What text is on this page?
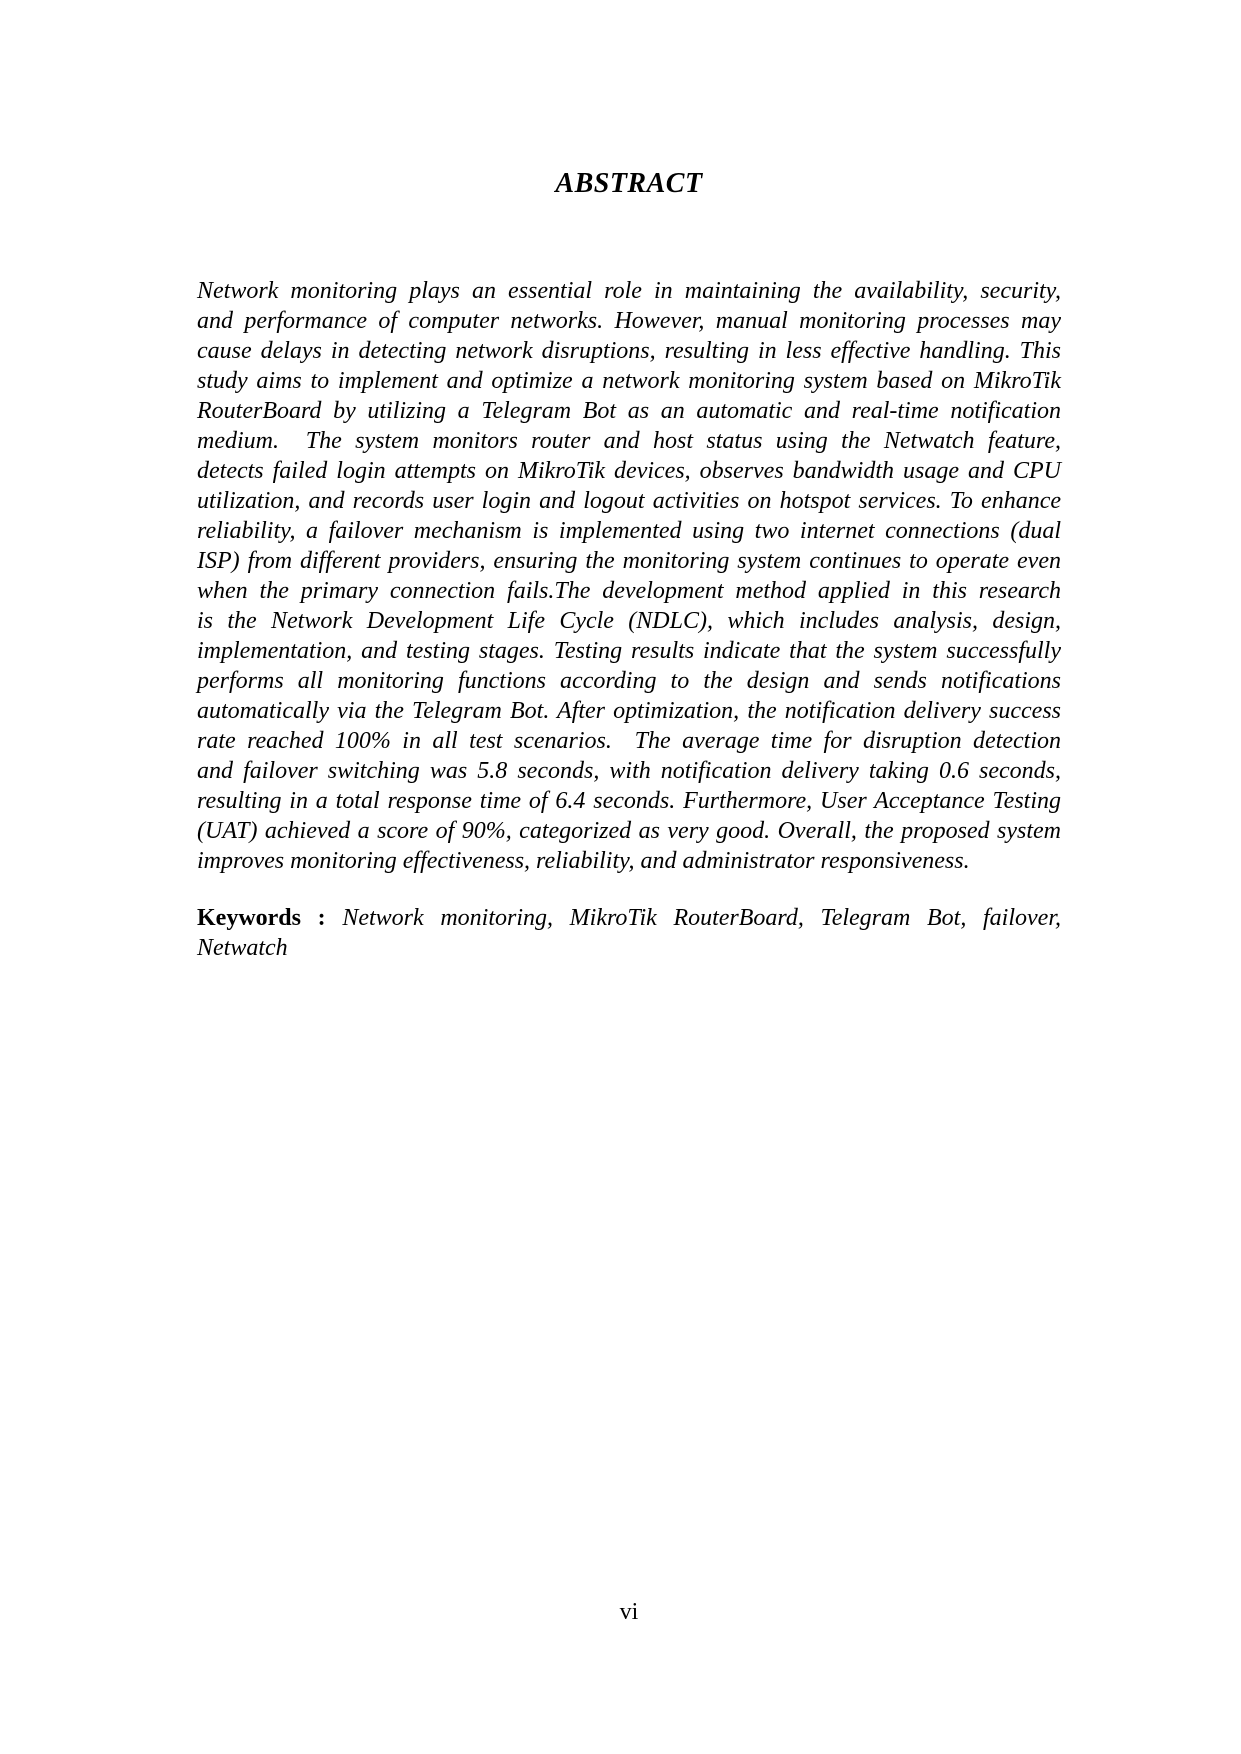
ABSTRACT
Network monitoring plays an essential role in maintaining the availability, security,
and performance of computer networks. However, manual monitoring processes may
cause delays in detecting network disruptions, resulting in less effective handling. This
study aims to implement and optimize a network monitoring system based on MikroTik
RouterBoard by utilizing a Telegram Bot as an automatic and real-time notification
medium.  The system monitors router and host status using the Netwatch feature,
detects failed login attempts on MikroTik devices, observes bandwidth usage and CPU
utilization, and records user login and logout activities on hotspot services. To enhance
reliability, a failover mechanism is implemented using two internet connections (dual
ISP) from different providers, ensuring the monitoring system continues to operate even
when the primary connection fails.The development method applied in this research
is the Network Development Life Cycle (NDLC), which includes analysis, design,
implementation, and testing stages. Testing results indicate that the system successfully
performs all monitoring functions according to the design and sends notifications
automatically via the Telegram Bot. After optimization, the notification delivery success
rate reached 100% in all test scenarios.  The average time for disruption detection
and failover switching was 5.8 seconds, with notification delivery taking 0.6 seconds,
resulting in a total response time of 6.4 seconds. Furthermore, User Acceptance Testing
(UAT) achieved a score of 90%, categorized as very good. Overall, the proposed system
improves monitoring effectiveness, reliability, and administrator responsiveness.
Keywords : Network monitoring, MikroTik RouterBoard, Telegram Bot, failover,
Netwatch
vi
